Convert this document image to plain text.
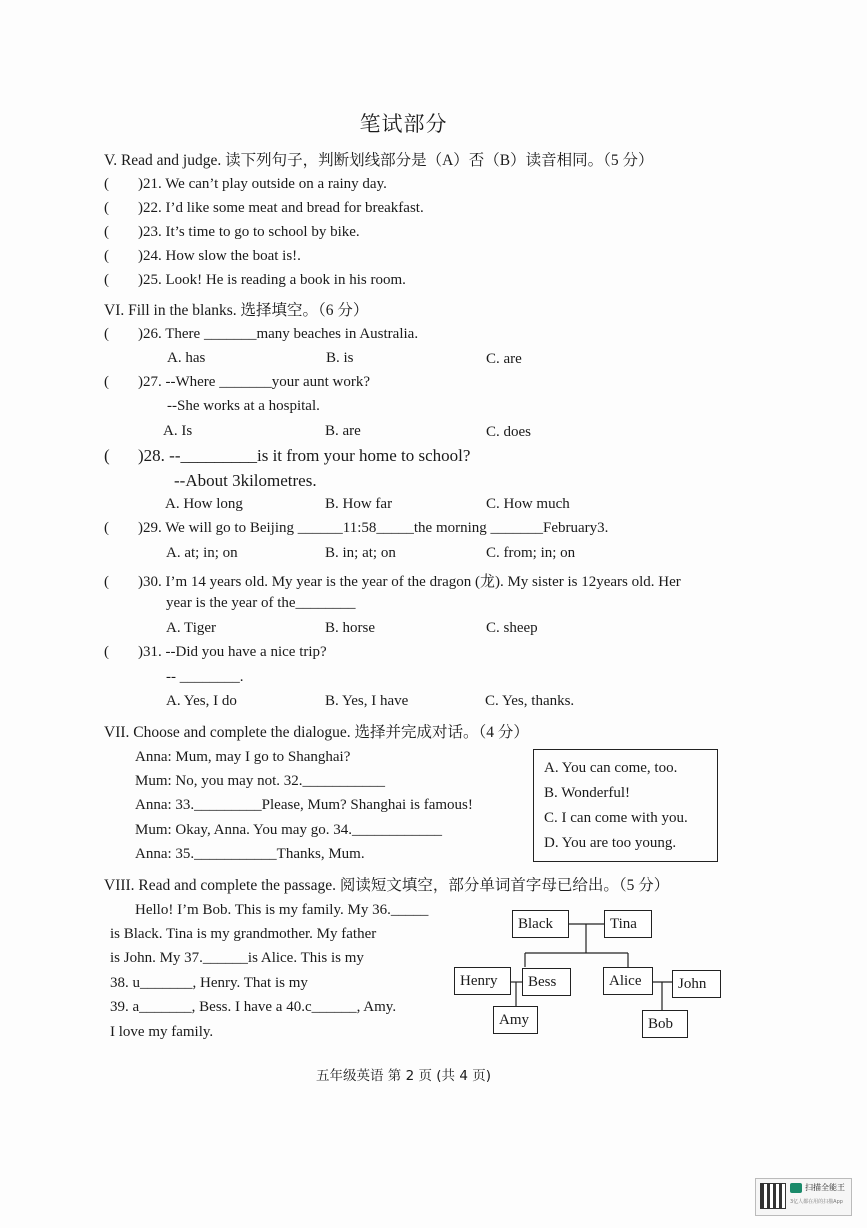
笔试部分
V. Read and judge. 读下列句子，判断划线部分是（A）否（B）读音相同。（5 分）
( )21. We can’t play outside on a rainy day.
( )22. I’d like some meat and bread for breakfast.
( )23. It’s time to go to school by bike.
( )24. How slow the boat is!.
( )25. Look! He is reading a book in his room.
VI. Fill in the blanks. 选择填空。（6 分）
( )26. There _______many beaches in Australia.
A. has	B. is	C. are
( )27. --Where _______your aunt work?
--She works at a hospital.
A. Is	B. are	C. does
( )28. --_________is it from your home to school?
--About 3kilometres.
A. How long	B. How far	C. How much
( )29. We will go to Beijing ______11:58_____the morning _______February3.
A. at; in; on	B. in; at; on	C. from; in; on
( )30. I’m 14 years old. My year is the year of the dragon (龙). My sister is 12years old. Her
year is the year of the________
A. Tiger	B. horse	C. sheep
( )31. --Did you have a nice trip?
-- ________.
A. Yes, I do	B. Yes, I have	C. Yes, thanks.
VII. Choose and complete the dialogue. 选择并完成对话。（4 分）
Anna: Mum, may I go to Shanghai?
Mum: No, you may not. 32.___________
Anna: 33._________Please, Mum? Shanghai is famous!
Mum: Okay, Anna. You may go. 34.____________
Anna: 35.___________Thanks, Mum.
A. You can come, too.
B. Wonderful!
C. I can come with you.
D. You are too young.
VIII. Read and complete the passage. 阅读短文填空，部分单词首字母已给出。（5 分）
Hello! I’m Bob. This is my family. My 36._____
is Black. Tina is my grandmother. My father
is John. My 37.______is Alice. This is my
38. u_______, Henry. That is my
39. a_______, Bess. I have a 40.c______, Amy.
I love my family.
Black	Tina
Henry	Bess	Alice	John
Amy	Bob
五年级英语 第 2 页 (共 4 页)
扫描全能王
3亿人都在用的扫描App
